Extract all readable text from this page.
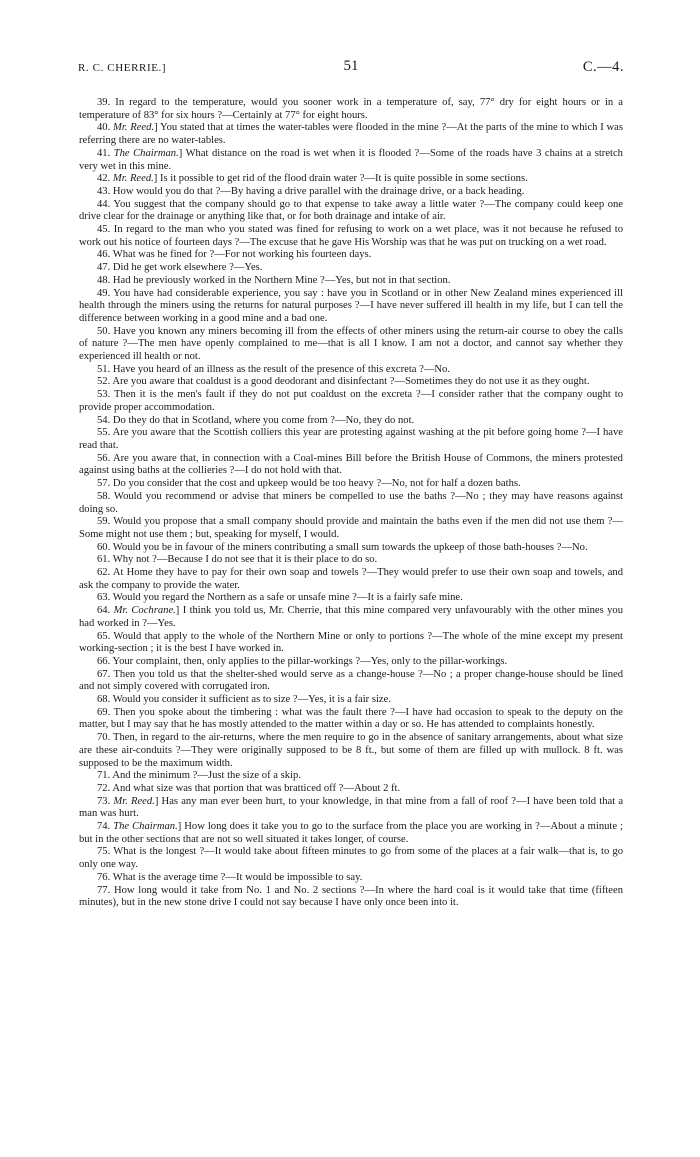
R. C. CHERRIE.]	51	C.—4.

39. In regard to the temperature, would you sooner work in a temperature of, say, 77° dry for eight hours or in a temperature of 83° for six hours ?—Certainly at 77° for eight hours.

40. Mr. Reed.] You stated that at times the water-tables were flooded in the mine ?—At the parts of the mine to which I was referring there are no water-tables.

41. The Chairman.] What distance on the road is wet when it is flooded ?—Some of the roads have 3 chains at a stretch very wet in this mine.

42. Mr. Reed.] Is it possible to get rid of the flood drain water ?—It is quite possible in some sections.

43. How would you do that ?—By having a drive parallel with the drainage drive, or a back heading.

44. You suggest that the company should go to that expense to take away a little water ?—The company could keep one drive clear for the drainage or anything like that, or for both drainage and intake of air.

45. In regard to the man who you stated was fined for refusing to work on a wet place, was it not because he refused to work out his notice of fourteen days ?—The excuse that he gave His Worship was that he was put on trucking on a wet road.

46. What was he fined for ?—For not working his fourteen days.

47. Did he get work elsewhere ?—Yes.

48. Had he previously worked in the Northern Mine ?—Yes, but not in that section.

49. You have had considerable experience, you say : have you in Scotland or in other New Zealand mines experienced ill health through the miners using the returns for natural purposes ?—I have never suffered ill health in my life, but I can tell the difference between working in a good mine and a bad one.

50. Have you known any miners becoming ill from the effects of other miners using the return-air course to obey the calls of nature ?—The men have openly complained to me—that is all I know. I am not a doctor, and cannot say whether they experienced ill health or not.

51. Have you heard of an illness as the result of the presence of this excreta ?—No.

52. Are you aware that coaldust is a good deodorant and disinfectant ?—Sometimes they do not use it as they ought.

53. Then it is the men's fault if they do not put coaldust on the excreta ?—I consider rather that the company ought to provide proper accommodation.

54. Do they do that in Scotland, where you come from ?—No, they do not.

55. Are you aware that the Scottish colliers this year are protesting against washing at the pit before going home ?—I have read that.

56. Are you aware that, in connection with a Coal-mines Bill before the British House of Commons, the miners protested against using baths at the collieries ?—I do not hold with that.

57. Do you consider that the cost and upkeep would be too heavy ?—No, not for half a dozen baths.

58. Would you recommend or advise that miners be compelled to use the baths ?—No ; they may have reasons against doing so.

59. Would you propose that a small company should provide and maintain the baths even if the men did not use them ?—Some might not use them ; but, speaking for myself, I would.

60. Would you be in favour of the miners contributing a small sum towards the upkeep of those bath-houses ?—No.

61. Why not ?—Because I do not see that it is their place to do so.

62. At Home they have to pay for their own soap and towels ?—They would prefer to use their own soap and towels, and ask the company to provide the water.

63. Would you regard the Northern as a safe or unsafe mine ?—It is a fairly safe mine.

64. Mr. Cochrane.] I think you told us, Mr. Cherrie, that this mine compared very unfavourably with the other mines you had worked in ?—Yes.

65. Would that apply to the whole of the Northern Mine or only to portions ?—The whole of the mine except my present working-section ; it is the best I have worked in.

66. Your complaint, then, only applies to the pillar-workings ?—Yes, only to the pillar-workings.

67. Then you told us that the shelter-shed would serve as a change-house ?—No ; a proper change-house should be lined and not simply covered with corrugated iron.

68. Would you consider it sufficient as to size ?—Yes, it is a fair size.

69. Then you spoke about the timbering : what was the fault there ?—I have had occasion to speak to the deputy on the matter, but I may say that he has mostly attended to the matter within a day or so. He has attended to complaints honestly.

70. Then, in regard to the air-returns, where the men require to go in the absence of sanitary arrangements, about what size are these air-conduits ?—They were originally supposed to be 8 ft., but some of them are filled up with mullock. 8 ft. was supposed to be the maximum width.

71. And the minimum ?—Just the size of a skip.

72. And what size was that portion that was bratticed off ?—About 2 ft.

73. Mr. Reed.] Has any man ever been hurt, to your knowledge, in that mine from a fall of roof ?—I have been told that a man was hurt.

74. The Chairman.] How long does it take you to go to the surface from the place you are working in ?—About a minute ; but in the other sections that are not so well situated it takes longer, of course.

75. What is the longest ?—It would take about fifteen minutes to go from some of the places at a fair walk—that is, to go only one way.

76. What is the average time ?—It would be impossible to say.

77. How long would it take from No. 1 and No. 2 sections ?—In where the hard coal is it would take that time (fifteen minutes), but in the new stone drive I could not say because I have only once been into it.
